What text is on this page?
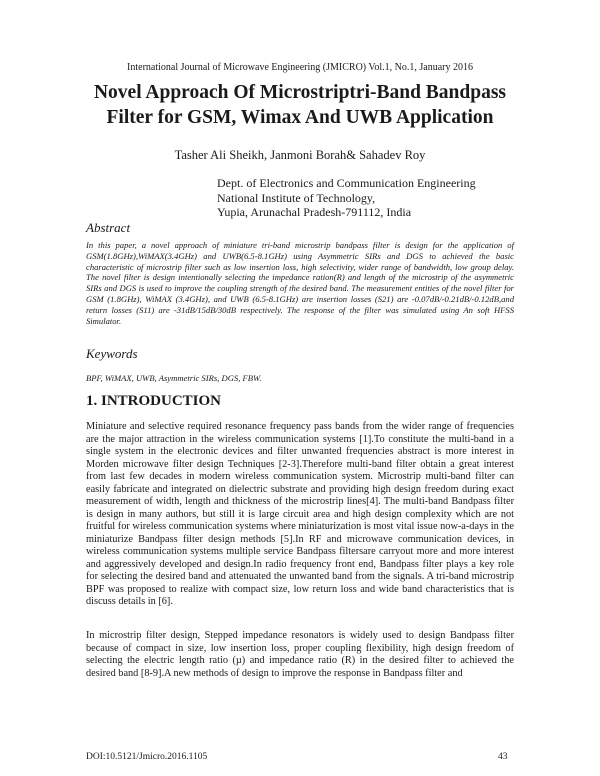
International Journal of Microwave Engineering (JMICRO) Vol.1, No.1, January 2016
Novel Approach Of Microstriptri-Band Bandpass
Filter for GSM, Wimax And UWB Application
Tasher Ali Sheikh, Janmoni Borah& Sahadev Roy
Dept. of Electronics and Communication Engineering
National Institute of Technology,
Yupia, Arunachal Pradesh-791112, India
Abstract
In this paper, a novel approach of miniature tri-band microstrip bandpass filter is design for the application of GSM(1.8GHz),WiMAX(3.4GHz) and UWB(6.5-8.1GHz) using Asymmetric SIRs and DGS to achieved the basic characteristic of microstrip filter such as low insertion loss, high selectivity, wider range of bandwidth, low group delay. The novel filter is design intentionally selecting the impedance ration(R) and length of the microstrip of the asymmetric SIRs and DGS is used to improve the coupling strength of the desired band. The measurement entities of the novel filter for GSM (1.8GHz), WiMAX (3.4GHz), and UWB (6.5-8.1GHz) are insertion losses (S21) are -0.07dB/-0.21dB/-0.12dB,and return losses (S11) are -31dB/15dB/30dB respectively. The response of the filter was simulated using An soft HFSS Simulator.
Keywords
BPF, WiMAX, UWB, Asymmetric SIRs, DGS, FBW.
1. INTRODUCTION
Miniature and selective required resonance frequency pass bands from the wider range of frequencies are the major attraction in the wireless communication systems [1].To constitute the multi-band in a single system in the electronic devices and filter unwanted frequencies abstract is more interest in Morden microwave filter design Techniques [2-3].Therefore multi-band filter obtain a great interest from last few decades in modern wireless communication system. Microstrip multi-band filter can easily fabricate and integrated on dielectric substrate and providing high design freedom during exact measurement of width, length and thickness of the microstrip lines[4]. The multi-band Bandpass filter is design in many authors, but still it is large circuit area and high design complexity which are not fruitful for wireless communication systems where miniaturization is most vital issue now-a-days in the miniaturize Bandpass filter design methods [5].In RF and microwave communication devices, in wireless communication systems multiple service Bandpass filtersare carryout more and more interest and aggressively developed and design.In radio frequency front end, Bandpass filter plays a key role for selecting the desired band and attenuated the unwanted band from the signals. A tri-band microstrip BPF was proposed to realize with compact size, low return loss and wide band characteristics that is discuss details in [6].
In microstrip filter design, Stepped impedance resonators is widely used to design Bandpass filter because of compact in size, low insertion loss, proper coupling flexibility, high design freedom of selecting the electric length ratio (µ) and impedance ratio (R) in the desired filter to achieved the desired band [8-9].A new methods of design to improve the response in Bandpass filter and
DOI:10.5121/Jmicro.2016.1105	43
